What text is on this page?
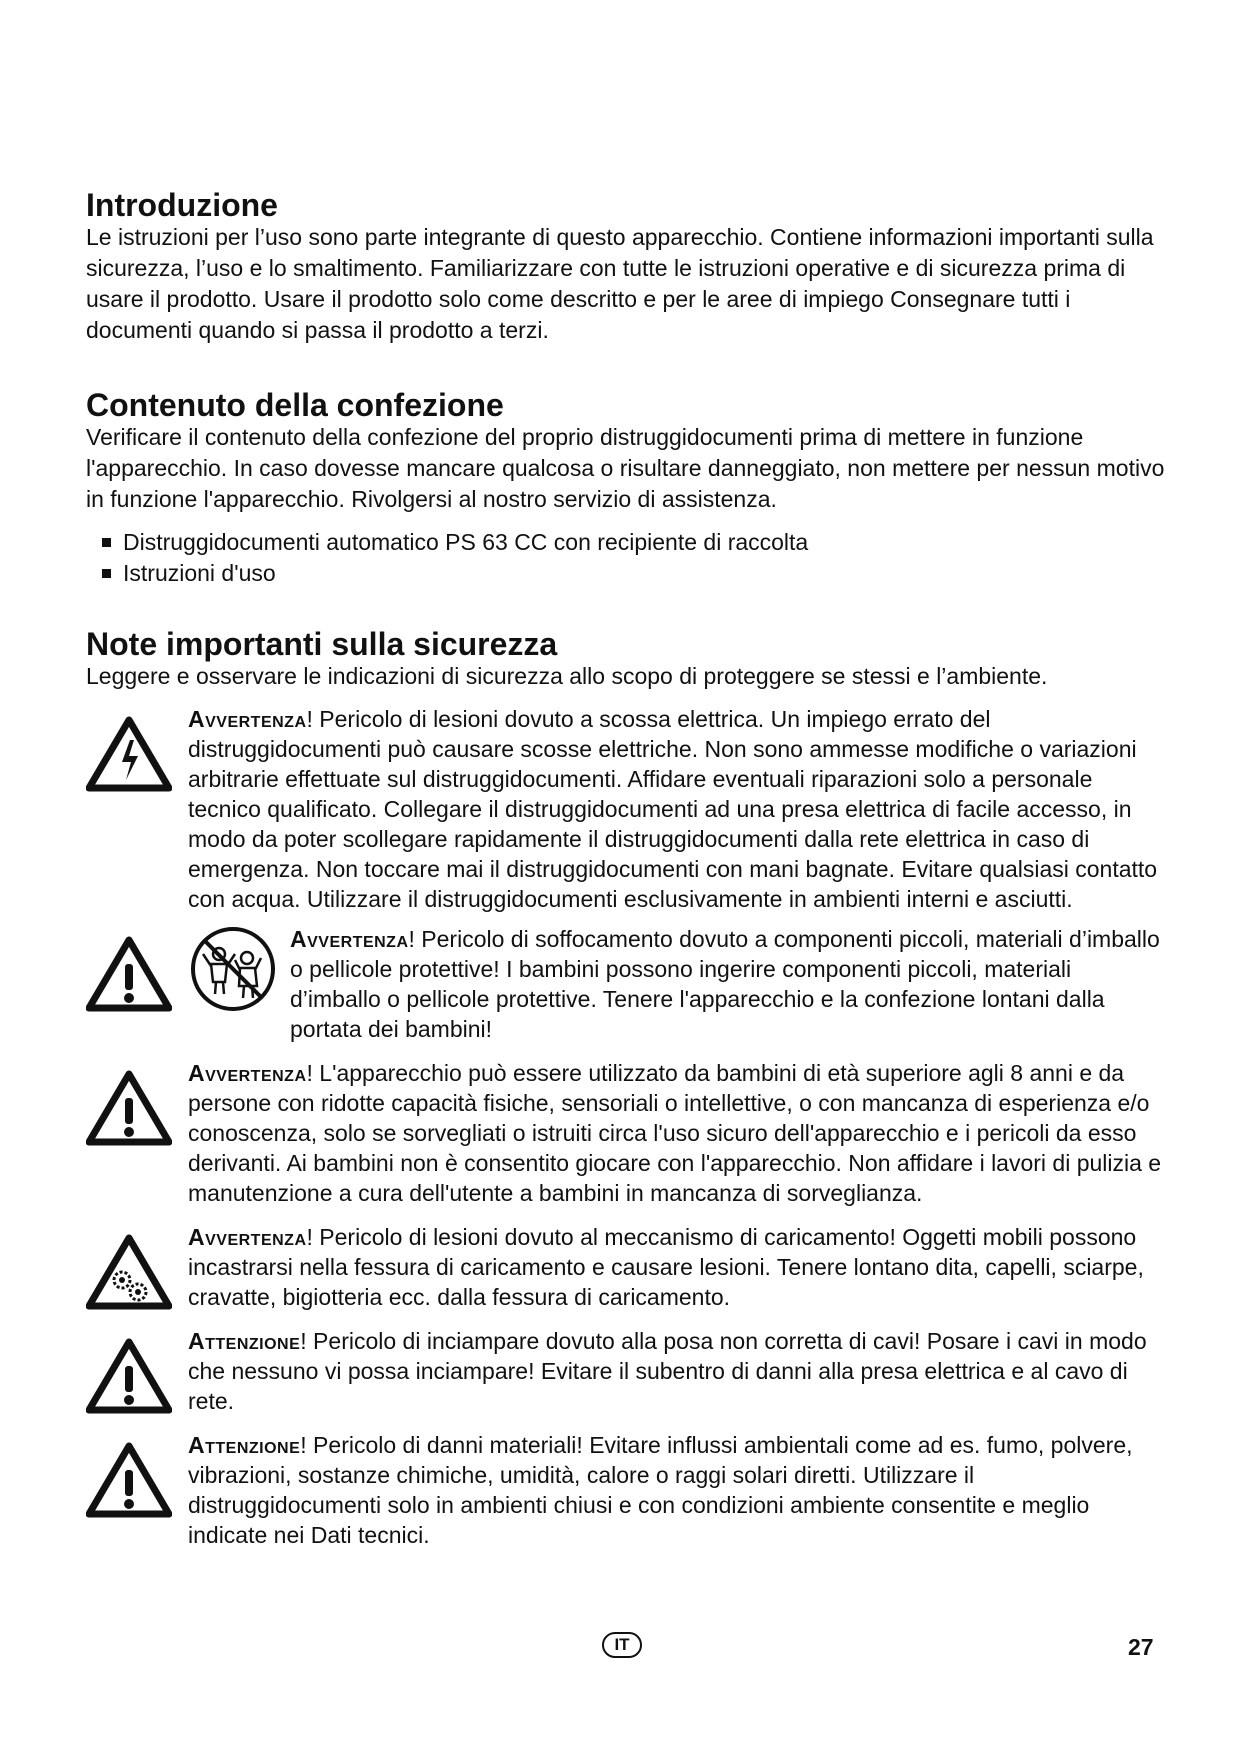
Introduzione

Le istruzioni per l’uso sono parte integrante di questo apparecchio. Contiene informazioni importanti sulla sicurezza, l’uso e lo smaltimento. Familiarizzare con tutte le istruzioni operative e di sicurezza prima di usare il prodotto. Usare il prodotto solo come descritto e per le aree di impiego Consegnare tutti i documenti quando si passa il prodotto a terzi.

Contenuto della confezione

Verificare il contenuto della confezione del proprio distruggidocumenti prima di mettere in funzione l'apparecchio. In caso dovesse mancare qualcosa o risultare danneggiato, non mettere per nessun motivo in funzione l'apparecchio. Rivolgersi al nostro servizio di assistenza.

Distruggidocumenti automatico PS 63 CC con recipiente di raccolta
Istruzioni d'uso
Note importanti sulla sicurezza

Leggere e osservare le indicazioni di sicurezza allo scopo di proteggere se stessi e l’ambiente.

Avvertenza! Pericolo di lesioni dovuto a scossa elettrica. Un impiego errato del distruggidocumenti può causare scosse elettriche. Non sono ammesse modifiche o variazioni arbitrarie effettuate sul distruggidocumenti. Affidare eventuali riparazioni solo a personale tecnico qualificato. Collegare il distruggidocumenti ad una presa elettrica di facile accesso, in modo da poter scollegare rapidamente il distruggidocumenti dalla rete elettrica in caso di emergenza. Non toccare mai il distruggidocumenti con mani bagnate. Evitare qualsiasi contatto con acqua. Utilizzare il distruggidocumenti esclusivamente in ambienti interni e asciutti.
Avvertenza! Pericolo di soffocamento dovuto a componenti piccoli, materiali d’imballo o pellicole protettive! I bambini possono ingerire componenti piccoli, materiali d’imballo o pellicole protettive. Tenere l'apparecchio e la confezione lontani dalla portata dei bambini!
Avvertenza! L'apparecchio può essere utilizzato da bambini di età superiore agli 8 anni e da persone con ridotte capacità fisiche, sensoriali o intellettive, o con mancanza di esperienza e/o conoscenza, solo se sorvegliati o istruiti circa l'uso sicuro dell'apparecchio e i pericoli da esso derivanti. Ai bambini non è consentito giocare con l'apparecchio. Non affidare i lavori di pulizia e manutenzione a cura dell'utente a bambini in mancanza di sorveglianza.
Avvertenza! Pericolo di lesioni dovuto al meccanismo di caricamento! Oggetti mobili possono incastrarsi nella fessura di caricamento e causare lesioni. Tenere lontano dita, capelli, sciarpe, cravatte, bigiotteria ecc. dalla fessura di caricamento.
Attenzione! Pericolo di inciampare dovuto alla posa non corretta di cavi! Posare i cavi in modo che nessuno vi possa inciampare! Evitare il subentro di danni alla presa elettrica e al cavo di rete.
Attenzione! Pericolo di danni materiali! Evitare influssi ambientali come ad es. fumo, polvere, vibrazioni, sostanze chimiche, umidità, calore o raggi solari diretti. Utilizzare il distruggidocumenti solo in ambienti chiusi e con condizioni ambiente consentite e meglio indicate nei Dati tecnici.
IT	27
